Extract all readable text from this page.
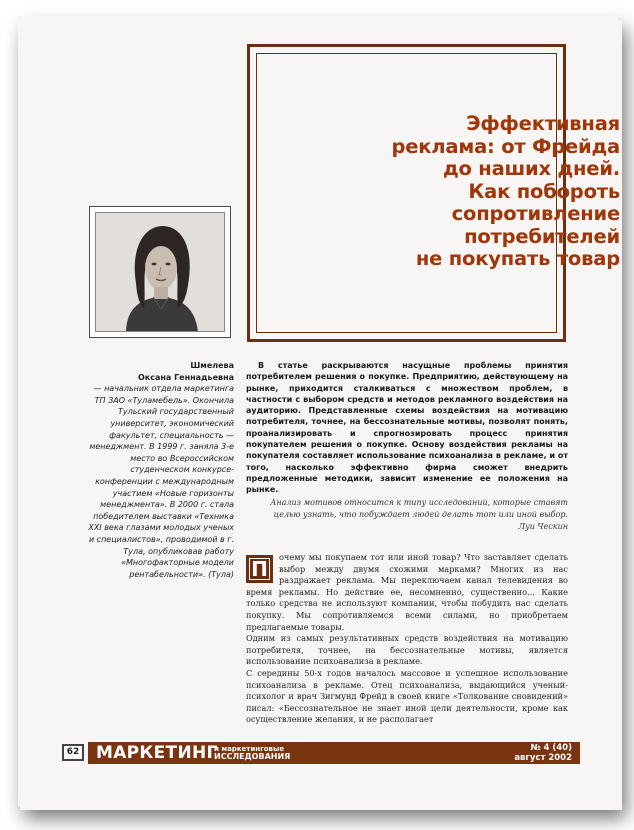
Эффективная
реклама: от Фрейда
до наших дней.
Как побороть
сопротивление
потребителей
не покупать товар
Шмелева
Оксана Геннадьевна
— начальник отдела маркетинга ТП ЗАО «Туламебель». Окончила Тульский государственный университет, экономический факультет, специальность — менеджмент. В 1999 г. заняла 3-е место во Всероссийском студенческом конкурсе-конференции с международным участием «Новые горизонты менеджмента». В 2000 г. стала победителем выставки «Техника XXI века глазами молодых ученых и специалистов», проводимой в г. Тула, опубликовав работу «Многофакторные модели рентабельности». (Тула)
В статье раскрываются насущные проблемы принятия потребителем решения о покупке. Предприятию, действующему на рынке, приходится сталкиваться с множеством проблем, в частности с выбором средств и методов рекламного воздействия на аудиторию. Представленные схемы воздействия на мотивацию потребителя, точнее, на бессознательные мотивы, позволят понять, проанализировать и спрогнозировать процесс принятия покупателем решения о покупке. Основу воздействия рекламы на покупателя составляет использование психоанализа в рекламе, и от того, насколько эффективно фирма сможет внедрить предложенные методики, зависит изменение ее положения на рынке.
Анализ мотивов относится к типу исследований, которые ставят целью узнать, что побуждает людей делать тот или иной выбор.
Луи Ческин
П	очему мы покупаем тот или иной товар? Что заставляет сделать выбор между двумя схожими марками? Многих из нас раздражает реклама. Мы переключаем канал телевидения во время рекламы. Но действие ее, несомненно, существенно... Какие только средства не используют компании, чтобы побудить нас сделать покупку. Мы сопротивляемся всеми силами, но приобретаем предлагаемые товары.

Одним из самых результативных средств воздействия на мотивацию потребителя, точнее, на бессознательные мотивы, является использование психоанализа в рекламе.

С середины 50-х годов началось массовое и успешное использование психоанализа в рекламе. Отец психоанализа, выдающийся ученый-психолог и врач Зигмунд Фрейд в своей книге «Толкование сновидений» писал: «Бессознательное не знает иной цели деятельности, кроме как осуществление желания, и не располагает

62 МАРКЕТИНГ
и маркетинговые
ИССЛЕДОВАНИЯ
№ 4 (40)
август 2002
